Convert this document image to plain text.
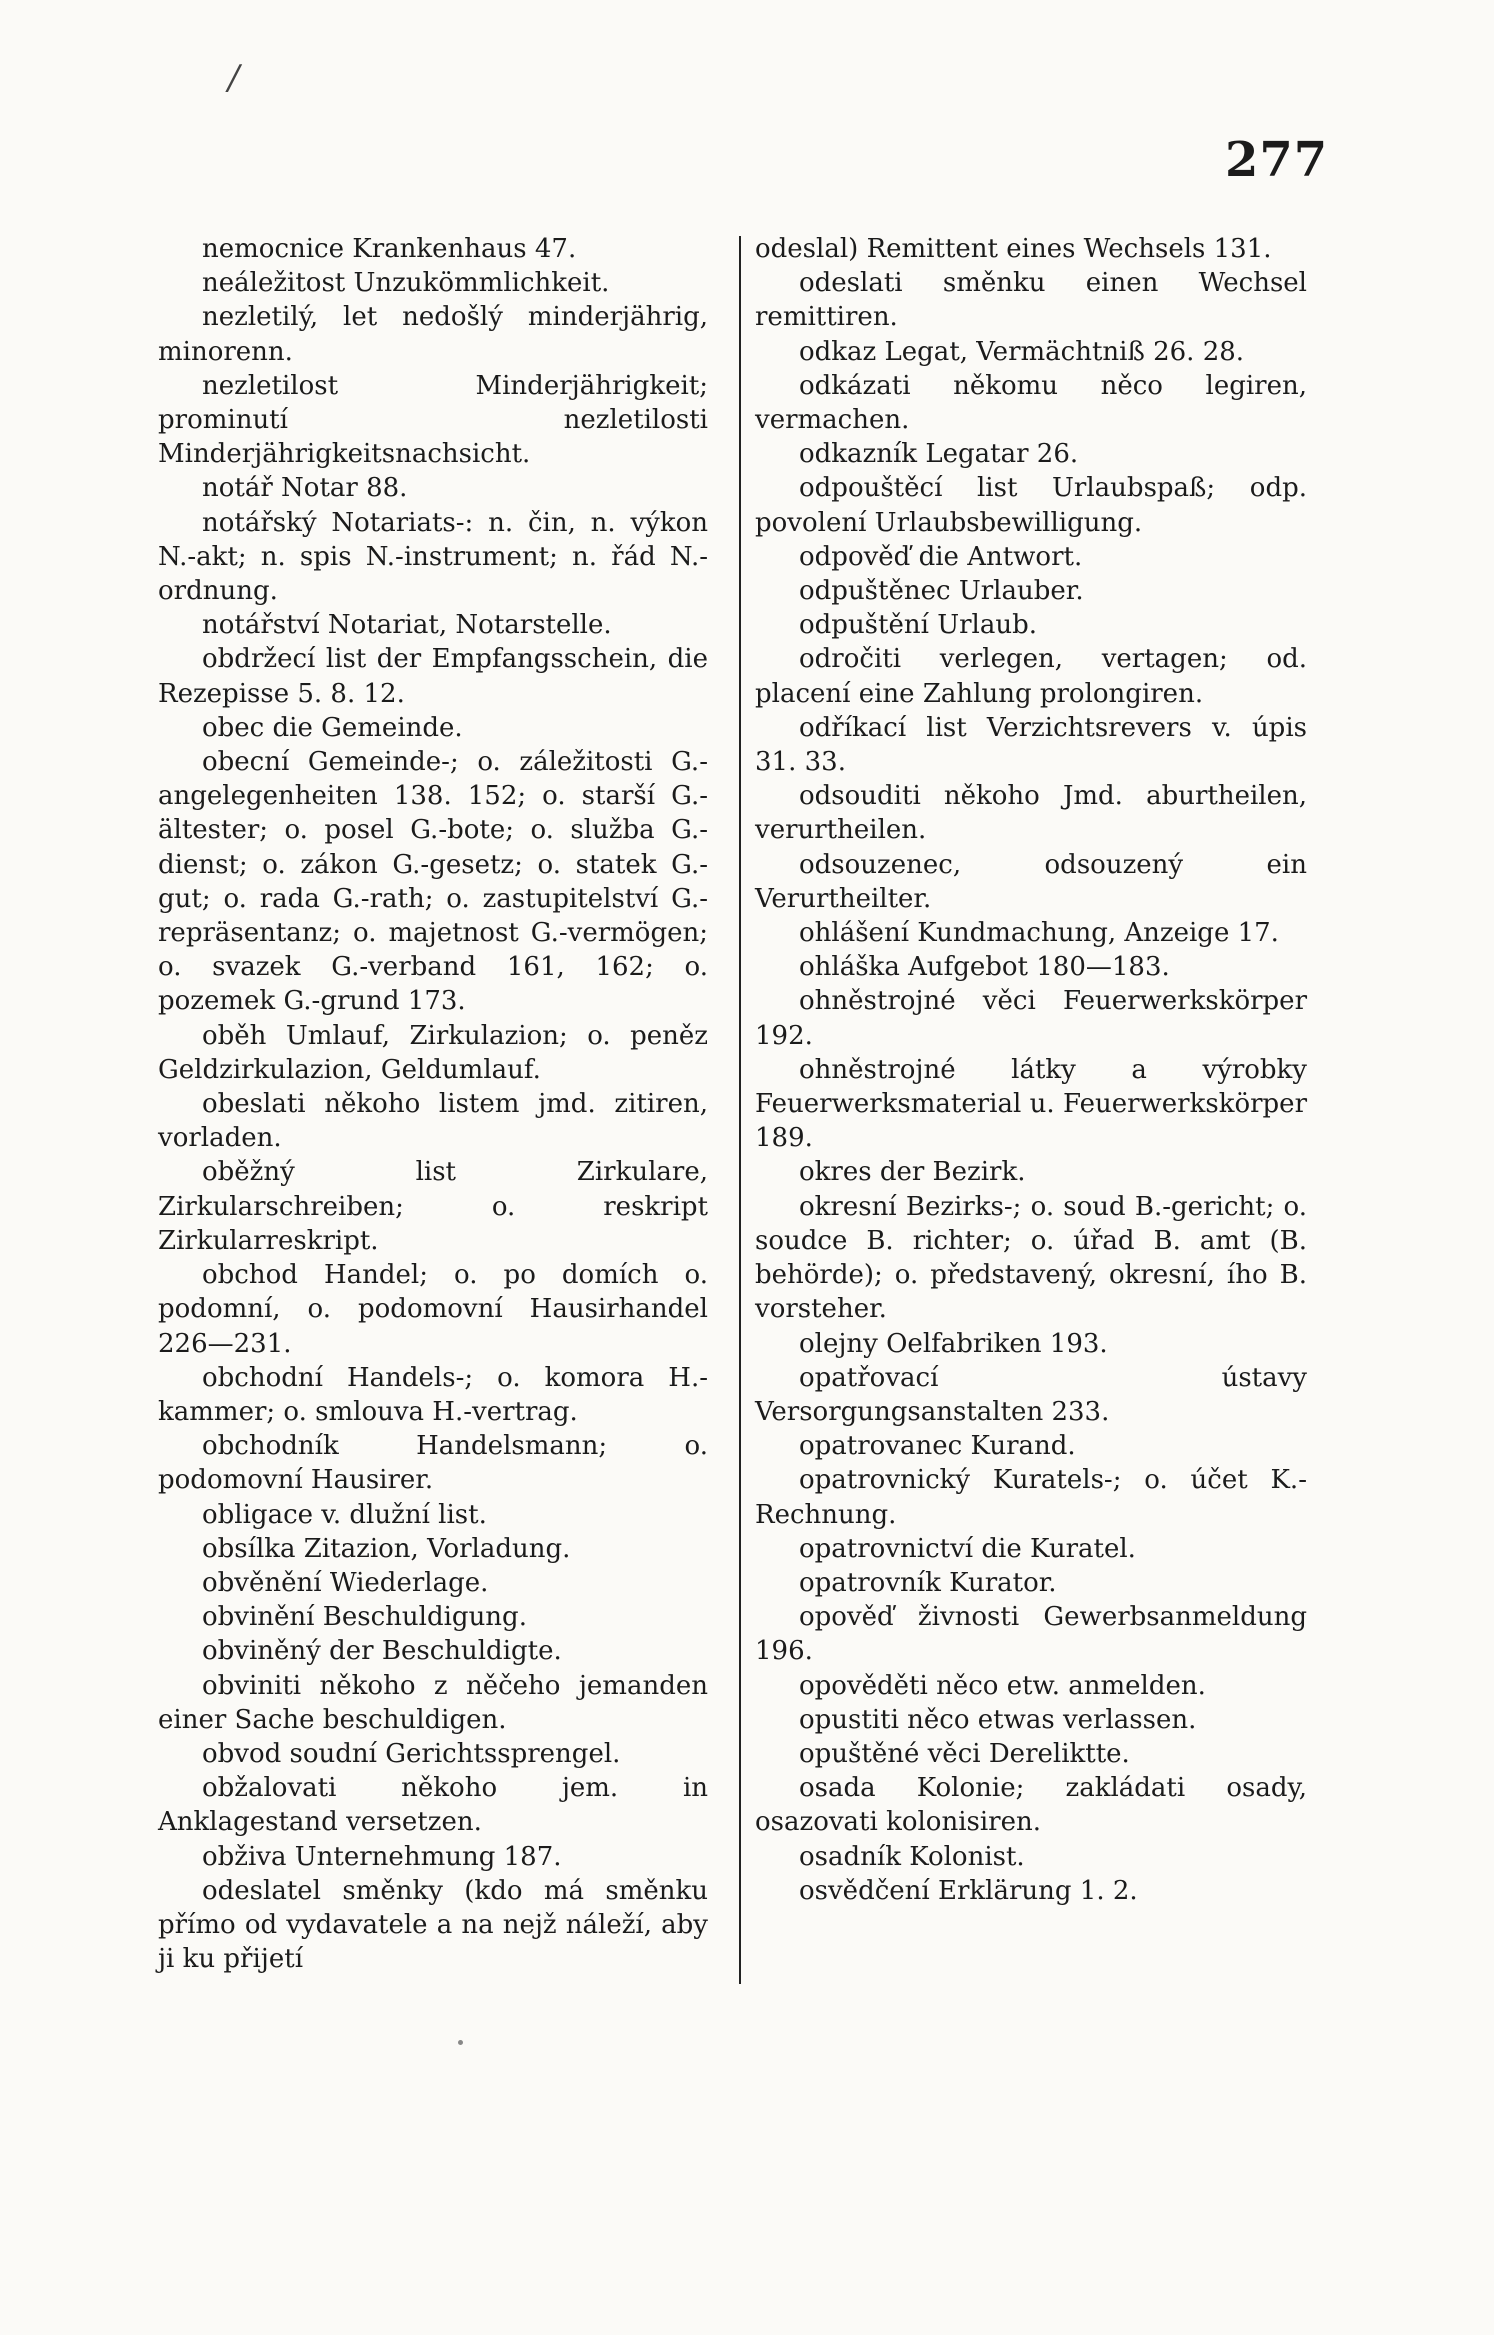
/
277

nemocnice Krankenhaus 47.

neáležitost Unzukömmlichkeit.

nezletilý, let nedošlý minderjährig, minorenn.

nezletilost Minderjährigkeit; prominutí nezletilosti Minderjährigkeitsnachsicht.

notář Notar 88.

notářský Notariats-: n. čin, n. výkon N.-akt; n. spis N.-instrument; n. řád N.-ordnung.

notářství Notariat, Notarstelle.

obdržecí list der Empfangsschein, die Rezepisse 5. 8. 12.

obec die Gemeinde.

obecní Gemeinde-; o. záležitosti G.-angelegenheiten 138. 152; o. starší G.-ältester; o. posel G.-bote; o. služba G.-dienst; o. zákon G.-gesetz; o. statek G.-gut; o. rada G.-rath; o. zastupitelství G.-repräsentanz; o. majetnost G.-vermögen; o. svazek G.-verband 161, 162; o. pozemek G.-grund 173.

oběh Umlauf, Zirkulazion; o. peněz Geldzirkulazion, Geldumlauf.

obeslati někoho listem jmd. zitiren, vorladen.

oběžný list Zirkulare, Zirkularschreiben; o. reskript Zirkularreskript.

obchod Handel; o. po domích o. podomní, o. podomovní Hausirhandel 226—231.

obchodní Handels-; o. komora H.-kammer; o. smlouva H.-vertrag.

obchodník Handelsmann; o. podomovní Hausirer.

obligace v. dlužní list.

obsílka Zitazion, Vorladung.

obvěnění Wiederlage.

obvinění Beschuldigung.

obviněný der Beschuldigte.

obviniti někoho z něčeho jemanden einer Sache beschuldigen.

obvod soudní Gerichtssprengel.

obžalovati někoho jem. in Anklagestand versetzen.

obživa Unternehmung 187.

odeslatel směnky (kdo má směnku přímo od vydavatele a na nejž náleží, aby ji ku přijetí

odeslal) Remittent eines Wechsels 131.

odeslati směnku einen Wechsel remittiren.

odkaz Legat, Vermächtniß 26. 28.

odkázati někomu něco legiren, vermachen.

odkazník Legatar 26.

odpouštěcí list Urlaubspaß; odp. povolení Urlaubsbewilligung.

odpověď die Antwort.

odpuštěnec Urlauber.

odpuštění Urlaub.

odročiti verlegen, vertagen; od. placení eine Zahlung prolongiren.

odříkací list Verzichtsrevers v. úpis 31. 33.

odsouditi někoho Jmd. aburtheilen, verurtheilen.

odsouzenec, odsouzený ein Verurtheilter.

ohlášení Kundmachung, Anzeige 17.

ohláška Aufgebot 180—183.

ohněstrojné věci Feuerwerkskörper 192.

ohněstrojné látky a výrobky Feuerwerksmaterial u. Feuerwerkskörper 189.

okres der Bezirk.

okresní Bezirks-; o. soud B.-gericht; o. soudce B. richter; o. úřad B. amt (B. behörde); o. představený, okresní, íhо B. vorsteher.

olejny Oelfabriken 193.

opatřovací ústavy Versorgungsanstalten 233.

opatrovanec Kurand.

opatrovnický Kuratels-; o. účet K.-Rechnung.

opatrovnictví die Kuratel.

opatrovník Kurator.

opověď živnosti Gewerbsanmeldung 196.

opověděti něco etw. anmelden.

opustiti něco etwas verlassen.

opuštěné věci Dereliktte.

osada Kolonie; zakládati osady, osazovati kolonisiren.

osadník Kolonist.

osvědčení Erklärung 1. 2.
